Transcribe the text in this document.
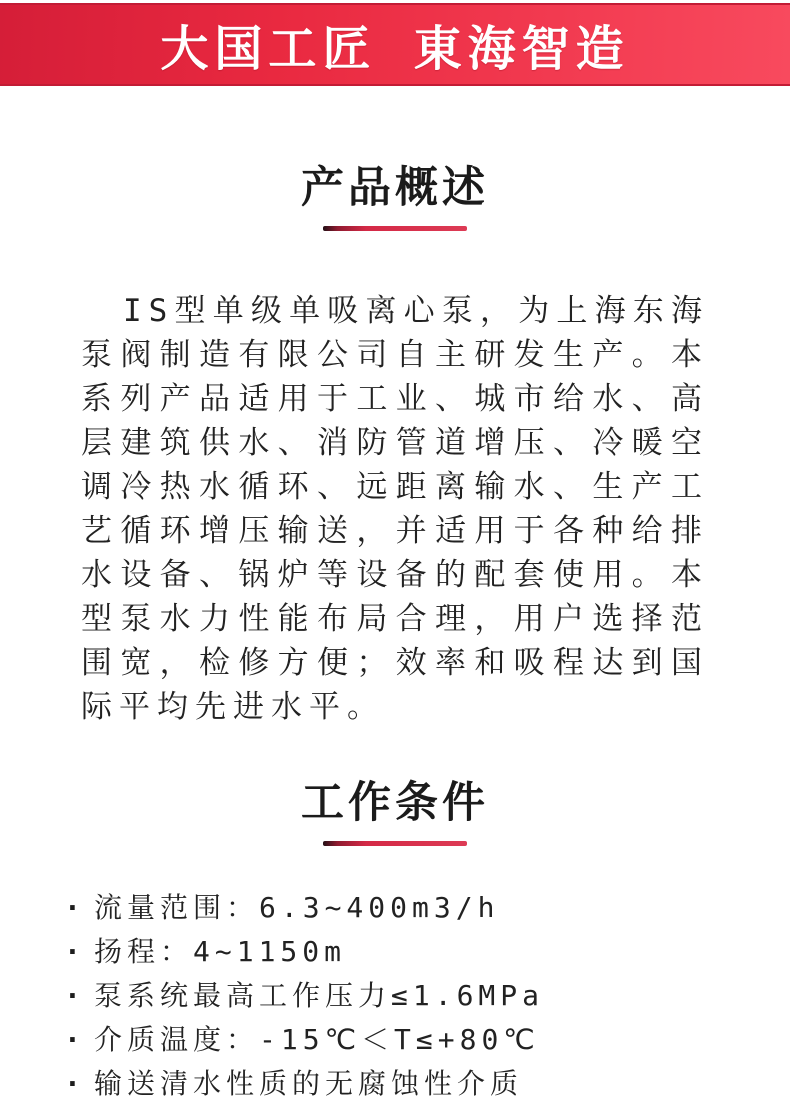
大国工匠 東海智造
产品概述

IS型单级单吸离心泵，为上海东海泵阀制造有限公司自主研发生产。本系列产品适用于工业、城市给水、高层建筑供水、消防管道增压、冷暖空调冷热水循环、远距离输水、生产工艺循环增压输送，并适用于各种给排水设备、锅炉等设备的配套使用。本型泵水力性能布局合理，用户选择范围宽，检修方便；效率和吸程达到国际平均先进水平。

工作条件
· 流量范围：6.3~400m3/h
· 扬程：4~1150m
· 泵系统最高工作压力≤1.6MPa
· 介质温度：-15℃＜T≤+80℃
· 输送清水性质的无腐蚀性介质
